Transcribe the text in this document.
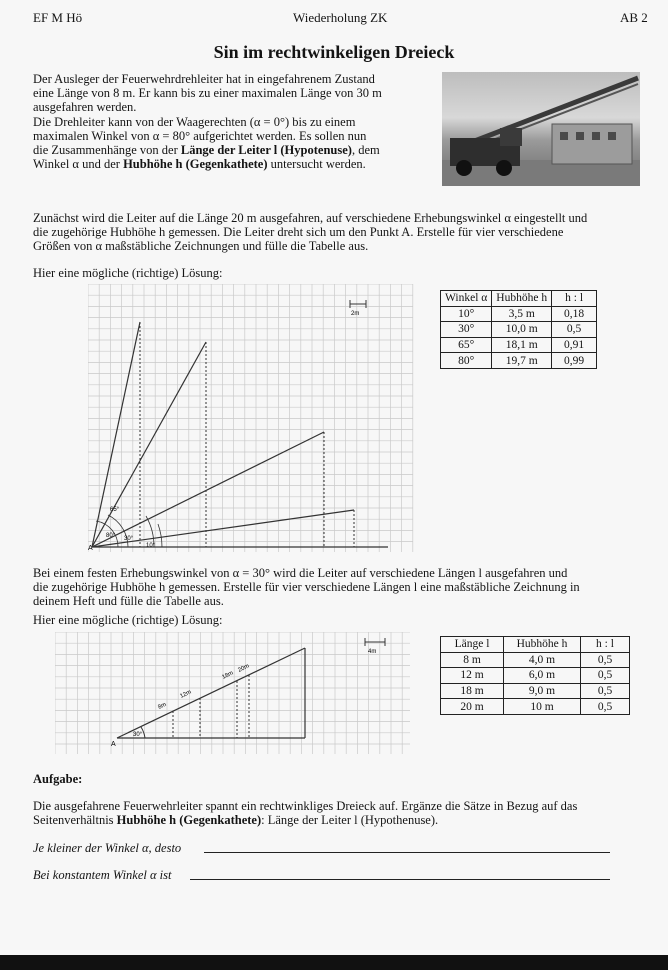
EF M Hö	Wiederholung ZK	AB 2
Sin im rechtwinkeligen Dreieck
Der Ausleger der Feuerwehrdrehleiter hat in eingefahrenem Zustand
eine Länge von 8 m. Er kann bis zu einer maximalen Länge von 30 m
ausgefahren werden.
Die Drehleiter kann von der Waagerechten (α = 0°) bis zu einem
maximalen Winkel von α = 80° aufgerichtet werden. Es sollen nun
die Zusammenhänge von der Länge der Leiter l (Hypotenuse), dem
Winkel α und der Hubhöhe h (Gegenkathete) untersucht werden.
Zunächst wird die Leiter auf die Länge 20 m ausgefahren, auf verschiedene Erhebungswinkel α eingestellt und
die zugehörige Hubhöhe h gemessen. Die Leiter dreht sich um den Punkt A. Erstelle für vier verschiedene
Größen von α maßstäbliche Zeichnungen und fülle die Tabelle aus.
Hier eine mögliche (richtige) Lösung:
2m
A	10°
30°
65°
80°
Winkel α	Hubhöhe h	h : l
10°	3,5 m	0,18
30°	10,0 m	0,5
65°	18,1 m	0,91
80°	19,7 m	0,99
Bei einem festen Erhebungswinkel von α = 30° wird die Leiter auf verschiedene Längen l ausgefahren und
die zugehörige Hubhöhe h gemessen. Erstelle für vier verschiedene Längen l eine maßstäbliche Zeichnung in
deinem Heft und fülle die Tabelle aus.
Hier eine mögliche (richtige) Lösung:
4m
A
30°
8m
12m
18m
20m
Länge l	Hubhöhe h	h : l
8 m	4,0 m	0,5
12 m	6,0 m	0,5
18 m	9,0 m	0,5
20 m	10 m	0,5
Aufgabe:
Die ausgefahrene Feuerwehrleiter spannt ein rechtwinkliges Dreieck auf. Ergänze die Sätze in Bezug auf das
Seitenverhältnis Hubhöhe h (Gegenkathete): Länge der Leiter l (Hypothenuse).
Je kleiner der Winkel α, desto
Bei konstantem Winkel α ist
